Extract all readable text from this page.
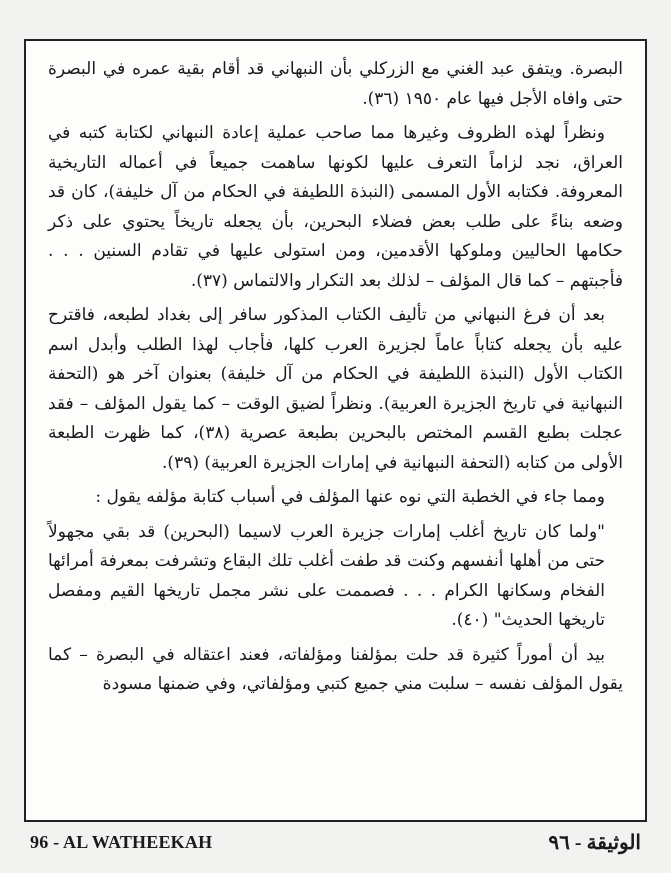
البصرة. ويتفق عبد الغني مع الزركلي بأن النبهاني قد أقام بقية عمره في البصرة حتى وافاه الأجل فيها عام ١٩٥٠ (٣٦).

ونظراً لهذه الظروف وغيرها مما صاحب عملية إعادة النبهاني لكتابة كتبه في العراق، نجد لزاماً التعرف عليها لكونها ساهمت جميعاً في أعماله التاريخية المعروفة. فكتابه الأول المسمى (النبذة اللطيفة في الحكام من آل خليفة)، كان قد وضعه بناءً على طلب بعض فضلاء البحرين، بأن يجعله تاريخاً يحتوي على ذكر حكامها الحاليين وملوكها الأقدمين، ومن استولى عليها في تقادم السنين . . . فأجبتهم – كما قال المؤلف – لذلك بعد التكرار والالتماس (٣٧).

بعد أن فرغ النبهاني من تأليف الكتاب المذكور سافر إلى بغداد لطبعه، فاقترح عليه بأن يجعله كتاباً عاماً لجزيرة العرب كلها، فأجاب لهذا الطلب وأبدل اسم الكتاب الأول (النبذة اللطيفة في الحكام من آل خليفة) بعنوان آخر هو (التحفة النبهانية في تاريخ الجزيرة العربية). ونظراً لضيق الوقت – كما يقول المؤلف – فقد عجلت بطبع القسم المختص بالبحرين بطبعة عصرية (٣٨)، كما ظهرت الطبعة الأولى من كتابه (التحفة النبهانية في إمارات الجزيرة العربية) (٣٩).

ومما جاء في الخطبة التي نوه عنها المؤلف في أسباب كتابة مؤلفه يقول :

"ولما كان تاريخ أغلب إمارات جزيرة العرب لاسيما (البحرين) قد بقي مجهولاً حتى من أهلها أنفسهم وكنت قد طفت أغلب تلك البقاع وتشرفت بمعرفة أمرائها الفخام وسكانها الكرام . . . فصممت على نشر مجمل تاريخها القيم ومفصل تاريخها الحديث" (٤٠).

بيد أن أموراً كثيرة قد حلت بمؤلفنا ومؤلفاته، فعند اعتقاله في البصرة – كما يقول المؤلف نفسه – سلبت مني جميع كتبي ومؤلفاتي، وفي ضمنها مسودة

96 - AL WATHEEKAH	الوثيقة - ٩٦
